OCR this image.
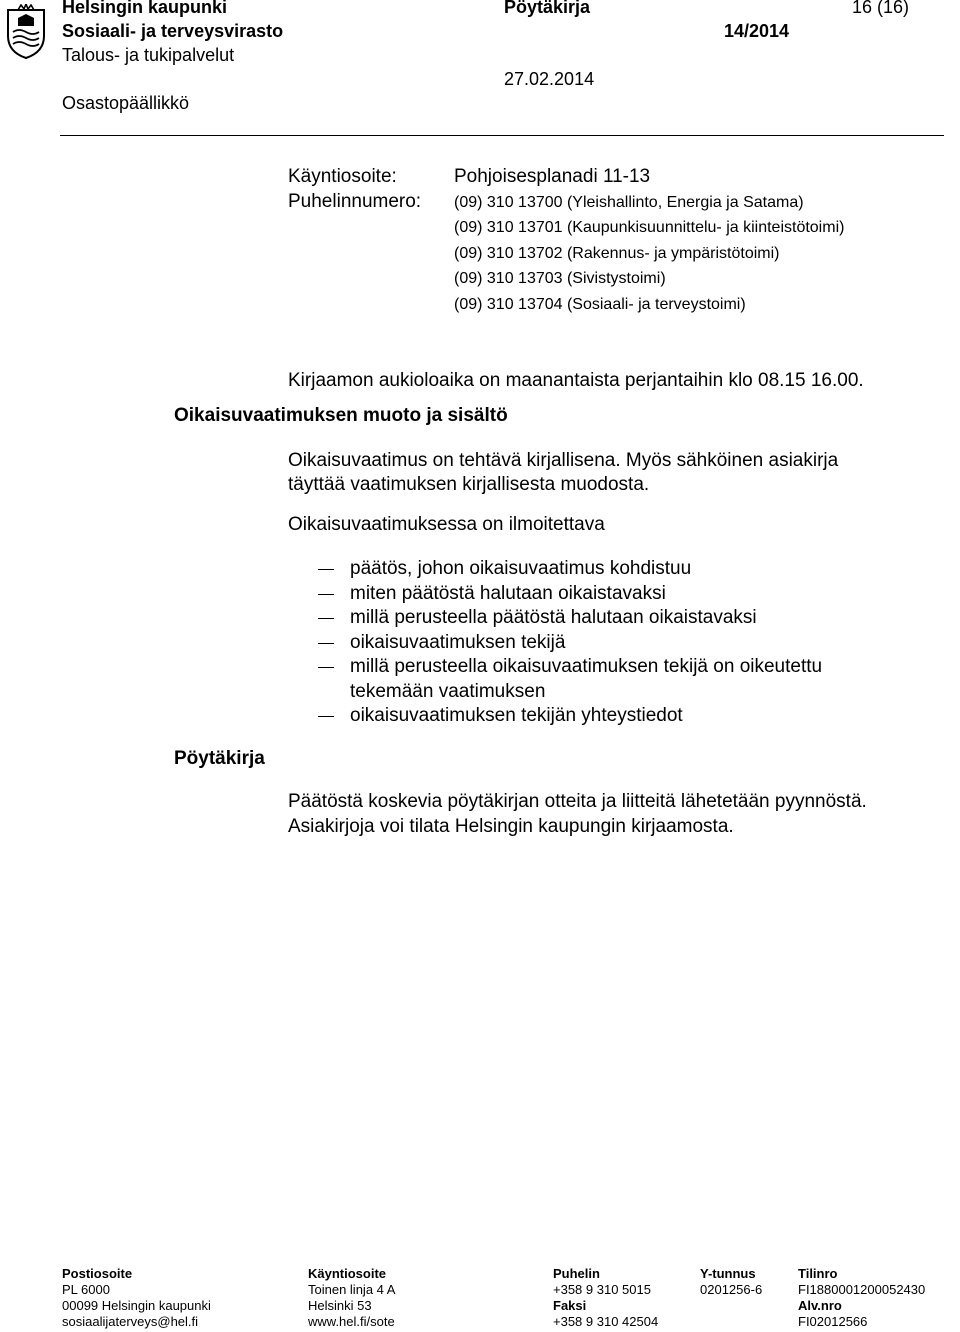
Helsingin kaupunki
Sosiaali- ja terveysvirasto
Talous- ja tukipalvelut
Osastopäällikkö
Pöytäkirja
14/2014
27.02.2014
16 (16)
Käyntiosoite:	Pohjoisesplanadi 11-13
Puhelinnumero: (09) 310 13700 (Yleishallinto, Energia ja Satama)
(09) 310 13701 (Kaupunkisuunnittelu- ja kiinteistötoimi)
(09) 310 13702 (Rakennus- ja ympäristötoimi)
(09) 310 13703 (Sivistystoimi)
(09) 310 13704 (Sosiaali- ja terveystoimi)
Kirjaamon aukioloaika on maanantaista perjantaihin klo 08.15 16.00.
Oikaisuvaatimuksen muoto ja sisältö
Oikaisuvaatimus on tehtävä kirjallisena. Myös sähköinen asiakirja
täyttää vaatimuksen kirjallisesta muodosta.
Oikaisuvaatimuksessa on ilmoitettava
päätös, johon oikaisuvaatimus kohdistuu
miten päätöstä halutaan oikaistavaksi
millä perusteella päätöstä halutaan oikaistavaksi
oikaisuvaatimuksen tekijä
millä perusteella oikaisuvaatimuksen tekijä on oikeutettu tekemään vaatimuksen
oikaisuvaatimuksen tekijän yhteystiedot
Pöytäkirja
Päätöstä koskevia pöytäkirjan otteita ja liitteitä lähetetään pyynnöstä.
Asiakirjoja voi tilata Helsingin kaupungin kirjaamosta.
Postiosoite
PL 6000
00099 Helsingin kaupunki
sosiaalijaterveys@hel.fi
Käyntiosoite
Toinen linja 4 A
Helsinki 53
www.hel.fi/sote
Puhelin
+358 9 310 5015
Faksi
+358 9 310 42504
Y-tunnus
0201256-6
Tilinro
FI1880001200052430
Alv.nro
FI02012566
